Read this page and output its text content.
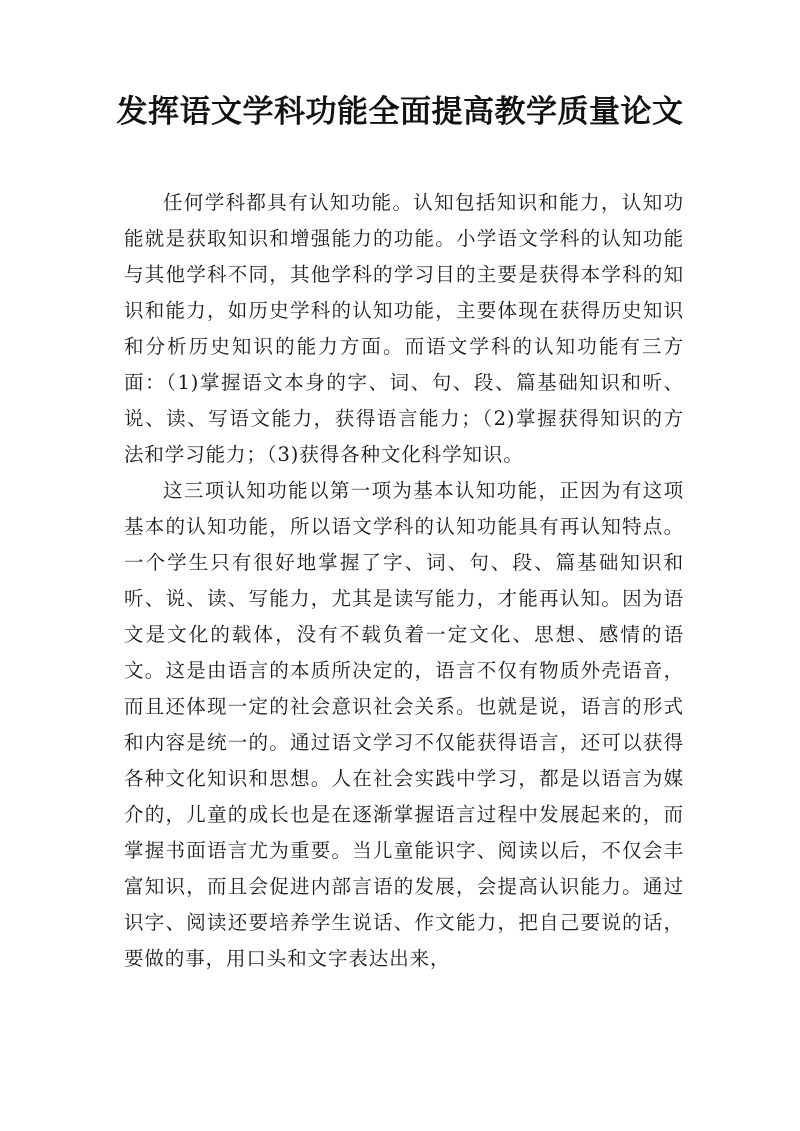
发挥语文学科功能全面提高教学质量论文

任何学科都具有认知功能。认知包括知识和能力，认知功能就是获取知识和增强能力的功能。小学语文学科的认知功能与其他学科不同，其他学科的学习目的主要是获得本学科的知识和能力，如历史学科的认知功能，主要体现在获得历史知识和分析历史知识的能力方面。而语文学科的认知功能有三方面：（1)掌握语文本身的字、词、句、段、篇基础知识和听、说、读、写语文能力，获得语言能力；（2)掌握获得知识的方法和学习能力；（3)获得各种文化科学知识。

这三项认知功能以第一项为基本认知功能，正因为有这项基本的认知功能，所以语文学科的认知功能具有再认知特点。一个学生只有很好地掌握了字、词、句、段、篇基础知识和听、说、读、写能力，尤其是读写能力，才能再认知。因为语文是文化的载体，没有不载负着一定文化、思想、感情的语文。这是由语言的本质所决定的，语言不仅有物质外壳语音，而且还体现一定的社会意识社会关系。也就是说，语言的形式和内容是统一的。通过语文学习不仅能获得语言，还可以获得各种文化知识和思想。人在社会实践中学习，都是以语言为媒介的，儿童的成长也是在逐渐掌握语言过程中发展起来的，而掌握书面语言尤为重要。当儿童能识字、阅读以后，不仅会丰富知识，而且会促进内部言语的发展，会提高认识能力。通过识字、阅读还要培养学生说话、作文能力，把自己要说的话，要做的事，用口头和文字表达出来，
